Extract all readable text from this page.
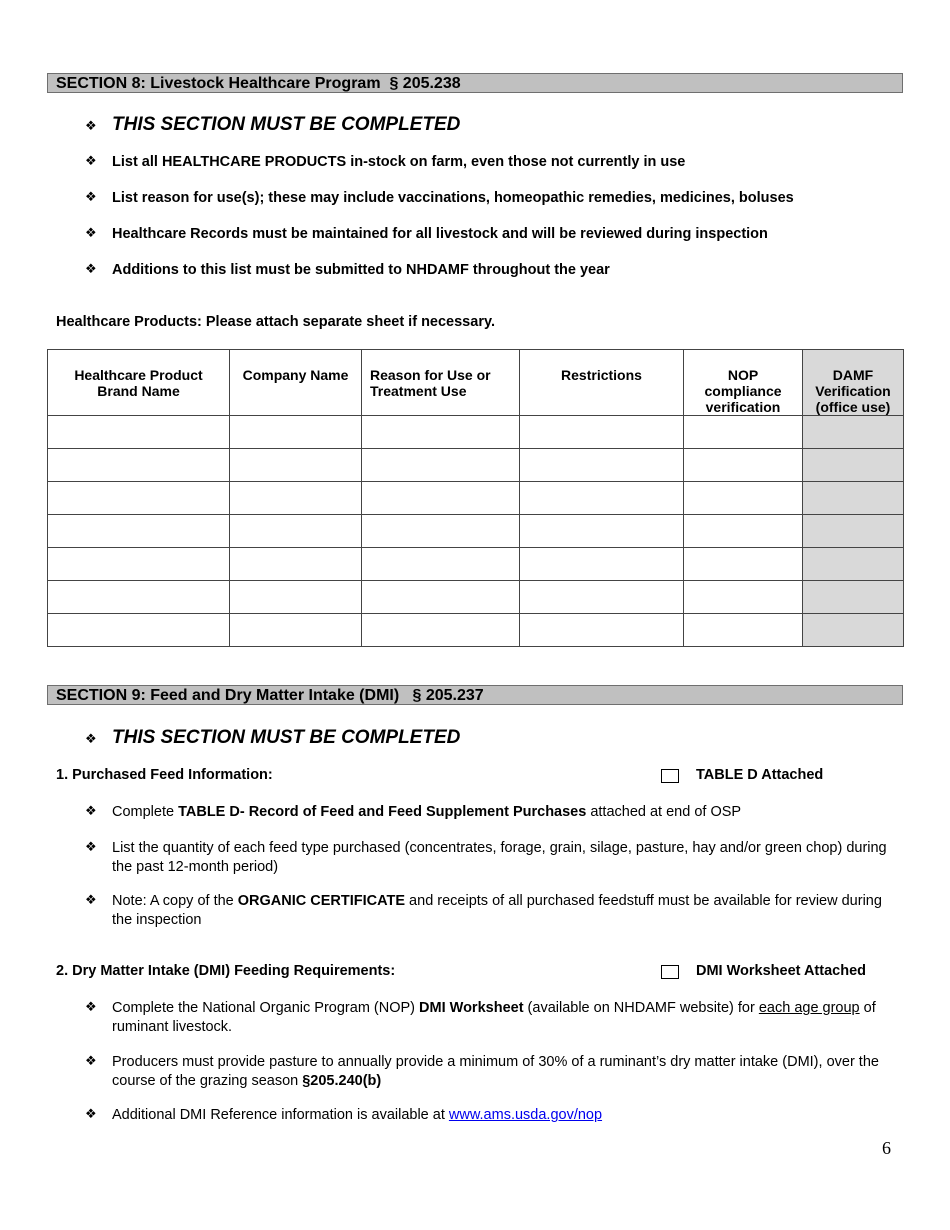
SECTION 8: Livestock Healthcare Program  § 205.238
❖ THIS SECTION MUST BE COMPLETED
❖ List all HEALTHCARE PRODUCTS in-stock on farm, even those not currently in use
❖ List reason for use(s); these may include vaccinations, homeopathic remedies, medicines, boluses
❖ Healthcare Records must be maintained for all livestock and will be reviewed during inspection
❖ Additions to this list must be submitted to NHDAMF throughout the year
Healthcare Products: Please attach separate sheet if necessary.
Healthcare Product Brand Name	Company Name	Reason for Use or Treatment Use	Restrictions	NOP compliance verification	DAMF Verification (office use)

SECTION 9: Feed and Dry Matter Intake (DMI)   § 205.237
❖ THIS SECTION MUST BE COMPLETED
1. Purchased Feed Information:	TABLE D Attached
❖ Complete TABLE D- Record of Feed and Feed Supplement Purchases attached at end of OSP
❖ List the quantity of each feed type purchased (concentrates, forage, grain, silage, pasture, hay and/or green chop) during the past 12-month period)
❖ Note: A copy of the ORGANIC CERTIFICATE and receipts of all purchased feedstuff must be available for review during the inspection
2. Dry Matter Intake (DMI) Feeding Requirements:	DMI Worksheet Attached
❖ Complete the National Organic Program (NOP) DMI Worksheet (available on NHDAMF website) for each age group of ruminant livestock.
❖ Producers must provide pasture to annually provide a minimum of 30% of a ruminant’s dry matter intake (DMI), over the course of the grazing season §205.240(b)
❖ Additional DMI Reference information is available at www.ams.usda.gov/nop
6
